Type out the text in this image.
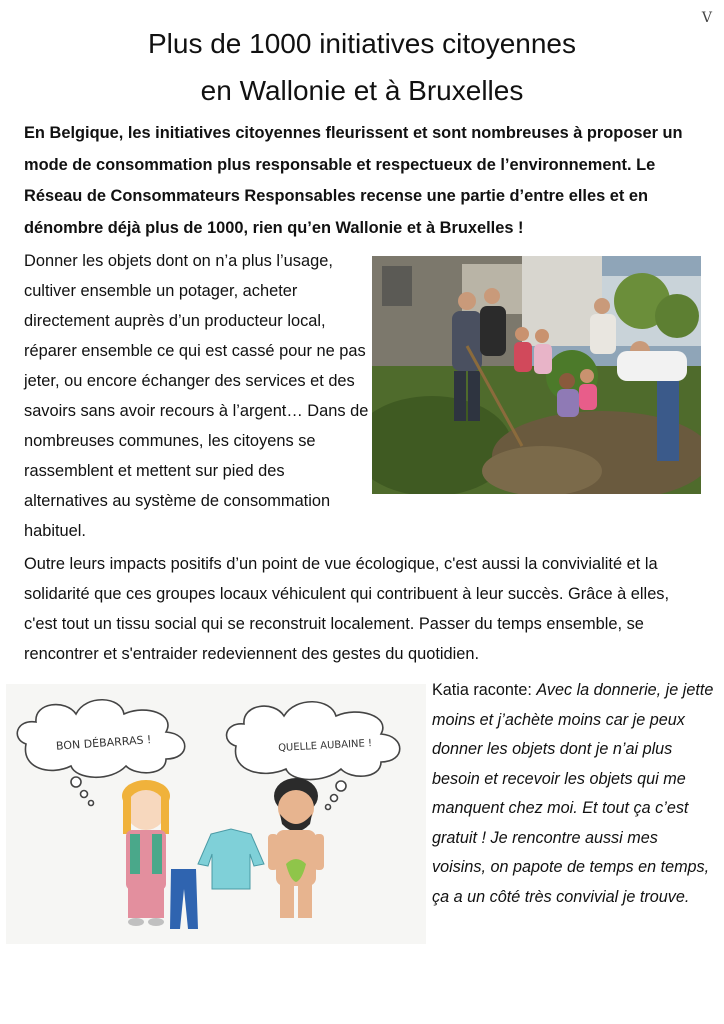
V
Plus de 1000 initiatives citoyennes
en Wallonie et à Bruxelles

En Belgique, les initiatives citoyennes fleurissent et sont nombreuses à proposer un mode de consommation plus responsable et respectueux de l’environnement. Le Réseau de Consommateurs Responsables recense une partie d’entre elles et en dénombre déjà plus de 1000, rien qu’en Wallonie et à Bruxelles !

Donner les objets dont on n’a plus l’usage, cultiver ensemble un potager, acheter directement auprès d’un producteur local, réparer ensemble ce qui est cassé pour ne pas jeter, ou encore échanger des services et des savoirs sans avoir recours à l’argent… Dans de nombreuses communes, les citoyens se rassemblent et mettent sur pied des alternatives au système de consommation habituel.

Outre leurs impacts positifs d’un point de vue écologique, c'est aussi la convivialité et la solidarité que ces groupes locaux véhiculent qui contribuent à leur succès. Grâce à elles, c'est tout un tissu social qui se reconstruit localement. Passer du temps ensemble, se rencontrer et s'entraider redeviennent des gestes du quotidien.

BON DÉBARRAS !	QUELLE AUBAINE !

Katia raconte: Avec la donnerie, je jette moins et j’achète moins car je peux donner les objets dont je n’ai plus besoin et recevoir les objets qui me manquent chez moi. Et tout ça c’est gratuit ! Je rencontre aussi mes voisins, on papote de temps en temps, ça a un côté très convivial je trouve.
